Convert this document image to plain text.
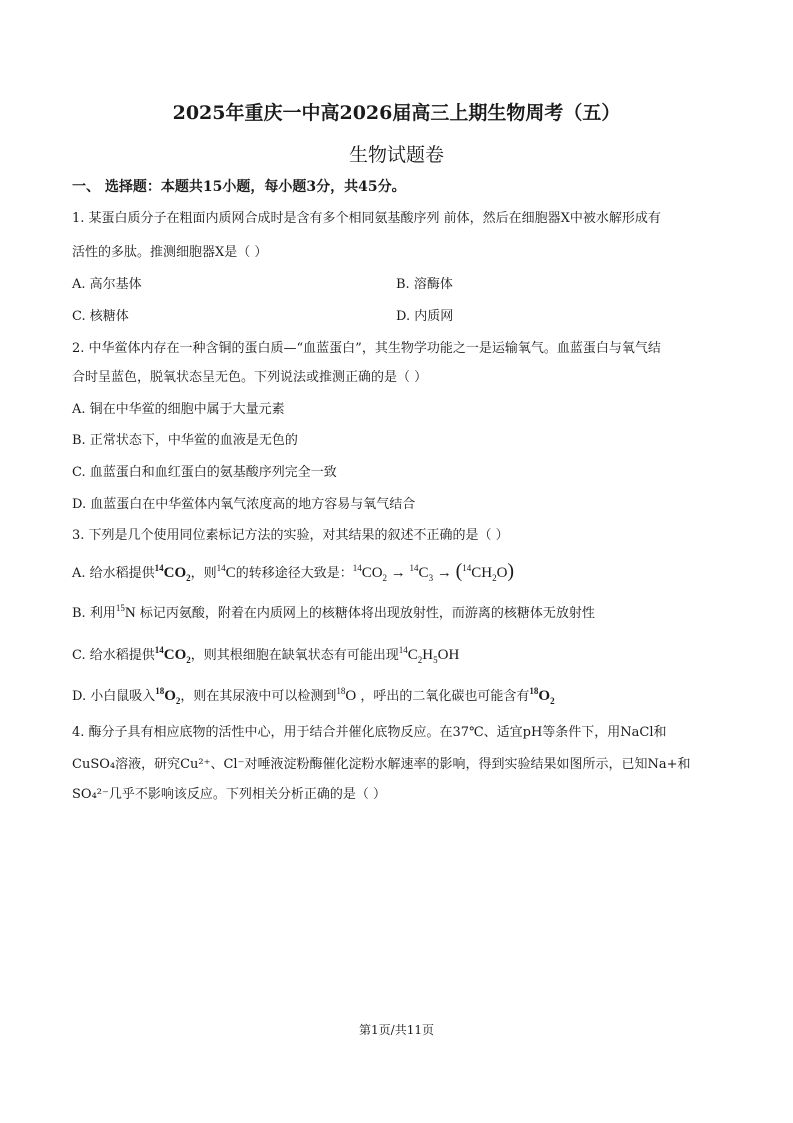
2025年重庆一中高2026届高三上期生物周考（五）
生物试题卷
一、 选择题：本题共15小题，每小题3分，共45分。
1. 某蛋白质分子在粗面内质网合成时是含有多个相同氨基酸序列 前体，然后在细胞器X中被水解形成有
活性的多肽。推测细胞器X是（ ）
A. 高尔基体	B. 溶酶体
C. 核糖体	D. 内质网
2. 中华鲎体内存在一种含铜的蛋白质—“血蓝蛋白”，其生物学功能之一是运输氧气。血蓝蛋白与氧气结
合时呈蓝色，脱氧状态呈无色。下列说法或推测正确的是（ ）
A. 铜在中华鲎的细胞中属于大量元素
B. 正常状态下，中华鲎的血液是无色的
C. 血蓝蛋白和血红蛋白的氨基酸序列完全一致
D. 血蓝蛋白在中华鲎体内氧气浓度高的地方容易与氧气结合
3. 下列是几个使用同位素标记方法的实验，对其结果的叙述不正确的是（ ）
A. 给水稻提供$^{14}CO_2$，则$^{14}$C的转移途径大致是：$^{14}CO_2 \to ^{14}C_3 \to (^{14}CH_2O)$
B. 利用$^{15}$N 标记丙氨酸，附着在内质网上的核糖体将出现放射性，而游离的核糖体无放射性
C. 给水稻提供$^{14}CO_2$，则其根细胞在缺氧状态有可能出现$^{14}C_2H_5OH$
D. 小白鼠吸入$^{18}O_2$，则在其尿液中可以检测到$^{18}$O ，呼出的二氧化碳也可能含有$^{18}O_2$
4. 酶分子具有相应底物的活性中心，用于结合并催化底物反应。在37℃、适宜pH等条件下，用NaCl和
CuSO₄溶液，研究Cu²⁺、Cl⁻对唾液淀粉酶催化淀粉水解速率的影响，得到实验结果如图所示，已知Na+和
SO₄²⁻几乎不影响该反应。下列相关分析正确的是（ ）
第1页/共11页
